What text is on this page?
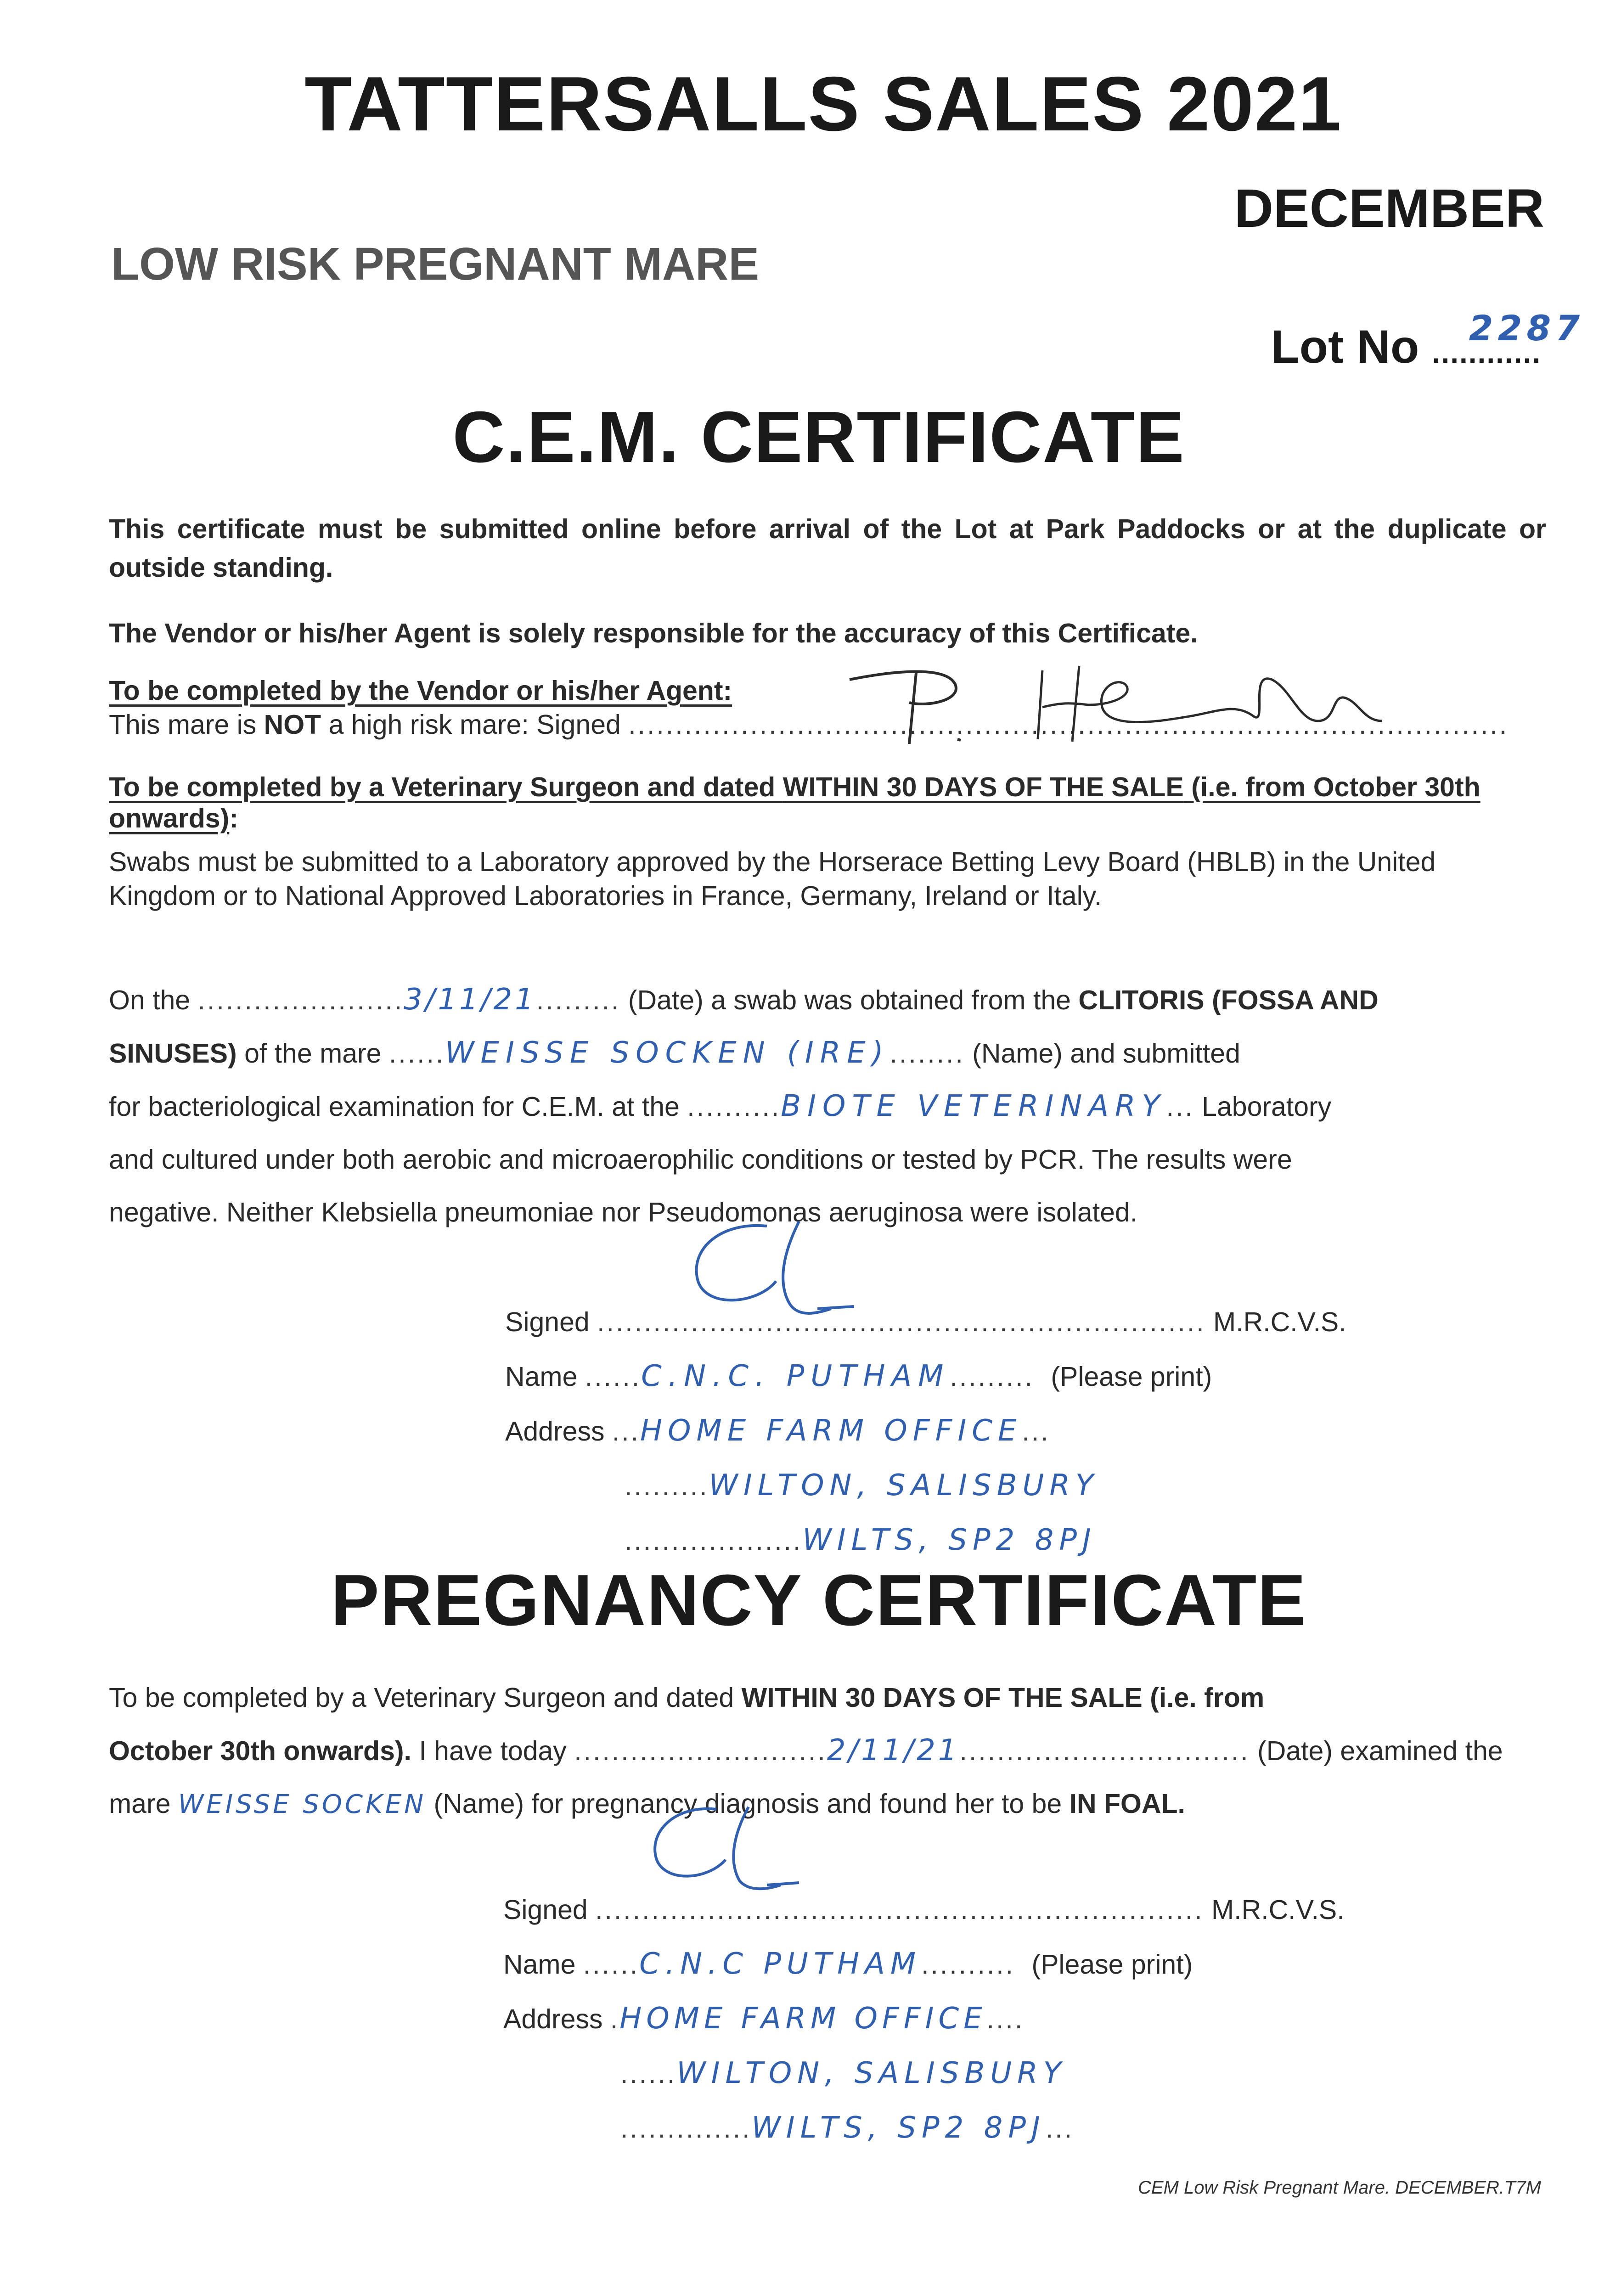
TATTERSALLS SALES 2021
DECEMBER
LOW RISK PREGNANT MARE
Lot No ..
2287
..........
C.E.M. CERTIFICATE
This certificate must be submitted online before arrival of the Lot at Park Paddocks or at the duplicate or outside standing.
The Vendor or his/her Agent is solely responsible for the accuracy of this Certificate.
To be completed by the Vendor or his/her Agent:
This mare is NOT a high risk mare: Signed ..............................................................................................
To be completed by a Veterinary Surgeon and dated WITHIN 30 DAYS OF THE SALE (i.e. from October 30th onwards):
Swabs must be submitted to a Laboratory approved by the Horserace Betting Levy Board (HBLB) in the United Kingdom or to National Approved Laboratories in France, Germany, Ireland or Italy.
On the ......................3/11/21......... (Date) a swab was obtained from the CLITORIS (FOSSA AND
SINUSES) of the mare ......WEISSE SOCKEN (IRE)........ (Name) and submitted
for bacteriological examination for C.E.M. at the ..........BIOTE VETERINARY... Laboratory
and cultured under both aerobic and microaerophilic conditions or tested by PCR. The results were
negative. Neither Klebsiella pneumoniae nor Pseudomonas aeruginosa were isolated.
Signed ................................................................. M.R.C.V.S.
Name ......C.N.C. PUTHAM......... (Please print)
Address ...HOME FARM OFFICE...
.........WILTON, SALISBURY
...................WILTS, SP2 8PJ
PREGNANCY CERTIFICATE
To be completed by a Veterinary Surgeon and dated WITHIN 30 DAYS OF THE SALE (i.e. from
October 30th onwards). I have today ...........................2/11/21............................... (Date) examined the
mare WEISSE SOCKEN (Name) for pregnancy diagnosis and found her to be IN FOAL.
Signed ................................................................. M.R.C.V.S.
Name ......C.N.C PUTHAM.......... (Please print)
Address .HOME FARM OFFICE....
......WILTON, SALISBURY
..............WILTS, SP2 8PJ...
CEM Low Risk Pregnant Mare. DECEMBER.T7M
